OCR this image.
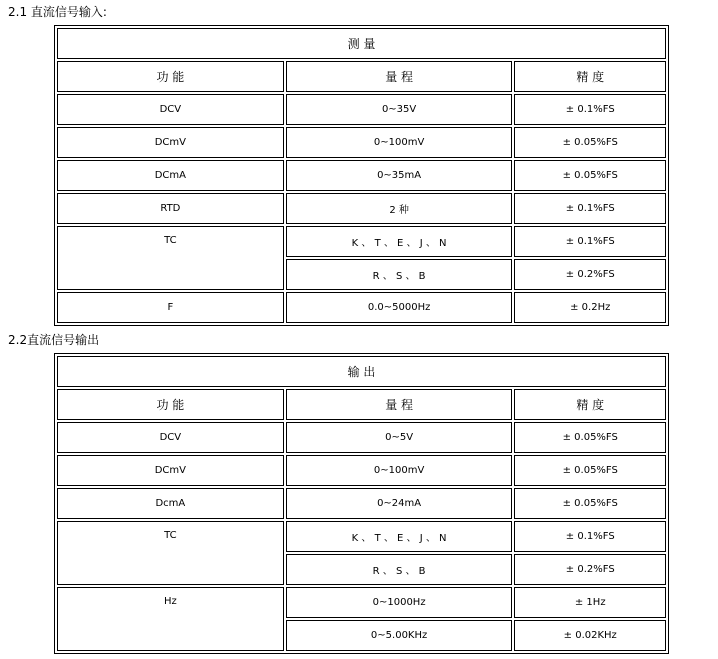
2.1 直流信号输入:
测 量		
功 能	量 程	精 度
DCV	0~35V	± 0.1%FS
DCmV	0~100mV	± 0.05%FS
DCmA	0~35mA	± 0.05%FS
RTD	2 种	± 0.1%FS
TC	K 、 T 、 E 、 J 、 N	± 0.1%FS
	R 、 S 、 B	± 0.2%FS
F	0.0~5000Hz	± 0.2Hz
2.2直流信号输出
输 出		
功 能	量 程	精 度
DCV	0~5V	± 0.05%FS
DCmV	0~100mV	± 0.05%FS
DcmA	0~24mA	± 0.05%FS
TC	K 、 T 、 E 、 J 、 N	± 0.1%FS
	R 、 S 、 B	± 0.2%FS
Hz	0~1000Hz	± 1Hz
	0~5.00KHz	± 0.02KHz
